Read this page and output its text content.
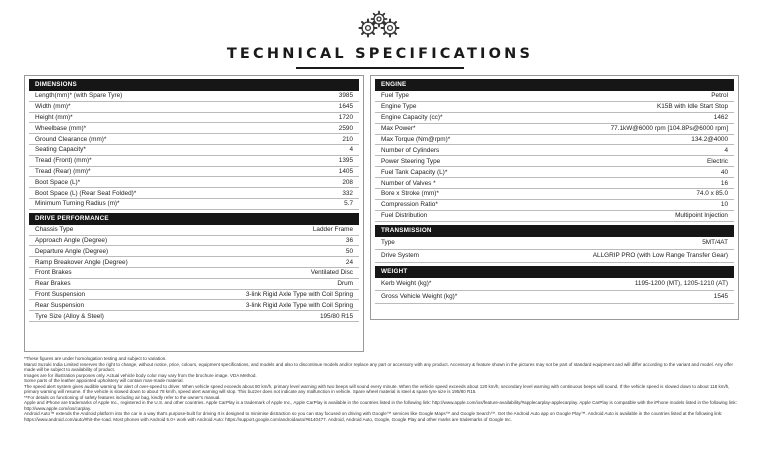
TECHNICAL SPECIFICATIONS
DIMENSIONS
Length(mm)* (with Spare Tyre)	3985
Width (mm)*	1645
Height (mm)*	1720
Wheelbase (mm)*	2590
Ground Clearance (mm)*	210
Seating Capacity*	4
Tread (Front) (mm)*	1395
Tread (Rear) (mm)*	1405
Boot Space (L)*	208
Boot Space (L) (Rear Seat Folded)*	332
Minimum Turning Radius (m)*	5.7
DRIVE PERFORMANCE
Chassis Type	Ladder Frame
Approach Angle (Degree)	36
Departure Angle (Degree)	50
Ramp Breakover Angle (Degree)	24
Front Brakes	Ventilated Disc
Rear Brakes	Drum
Front Suspension	3-link Rigid Axle Type with Coil Spring
Rear Suspension	3-link Rigid Axle Type with Coil Spring
Tyre Size (Alloy & Steel)	195/80 R15
ENGINE
Fuel Type	Petrol
Engine Type	K15B with Idle Start Stop
Engine Capacity (cc)*	1462
Max Power*	77.1kW@6000 rpm [104.8Ps@6000 rpm]
Max Torque (Nm@rpm)*	134.2@4000
Number of Cylinders	4
Power Steering Type	Electric
Fuel Tank Capacity (L)*	40
Number of Valves *	16
Bore x Stroke (mm)*	74.0 x 85.0
Compression Ratio*	10
Fuel Distribution	Multipoint Injection
TRANSMISSION
Type	5MT/4AT
Drive System	ALLGRIP PRO (with Low Range Transfer Gear)
WEIGHT
Kerb Weight (kg)*	1195-1200 (MT), 1205-1210 (AT)
Gross Vehicle Weight (kg)*	1545

*These figures are under homologation testing and subject to variation.

Maruti Suzuki India Limited reserves the right to change, without notice, price, colours, equipment specifications, and models and also to discontinue models and/or replace any part or accessory with any product. Accessory & feature shown in the pictures may not be part of standard equipment and will differ according to the variant and model. Any offer made will be subject to availability of product.

Images are for illustration purposes only. Actual vehicle body color may vary from the brochure image. VDA Method.

Some parts of the leather appointed upholstery will contain man-made material.

The speed alert system gives audible warning for alert of over-speed to driver. When vehicle speed exceeds about 80 km/h, primary level warning with two beeps will sound every minute. When the vehicle speed exceeds about 120 km/h, secondary level warning with continuous beeps will sound. If the vehicle speed is slowed down to about 118 km/h, primary warning will resume. If the vehicle is slowed down to about 78 km/h, speed alert warning will stop. This buzzer does not indicate any malfunction in vehicle. Spare wheel material is steel & spare tyre size is 195/80 R15.

**For details on functioning of safety features including air bag, kindly refer to the owner's manual.

Apple and iPhone are trademarks of Apple Inc., registered in the U.S. and other countries. Apple CarPlay is a trademark of Apple Inc., Apple CarPlay is available in the countries listed in the following link: http://www.apple.com/ios/feature-availability/#applecarplay-applecarplay. Apple CarPlay is compatible with the iPhone models listed in the following link: http://www.apple.com/ios/carplay.

Android Auto™ extends the Android platform into the car in a way that's purpose-built for driving It is designed to minimise distraction so you can stay focused on driving with Google™ services like Google Maps™ and Google Search™. Get the Android Auto app on Google Play™. Android Auto is available in the countries listed at the following link: https://www.android.com/auto/#hit-the-road. Most phones with Android 5.0+ work with Android Auto: https://support.google.com/androidauto/#6140477. Android, Android Auto, Google, Google Play and other marks are trademarks of Google Inc.
